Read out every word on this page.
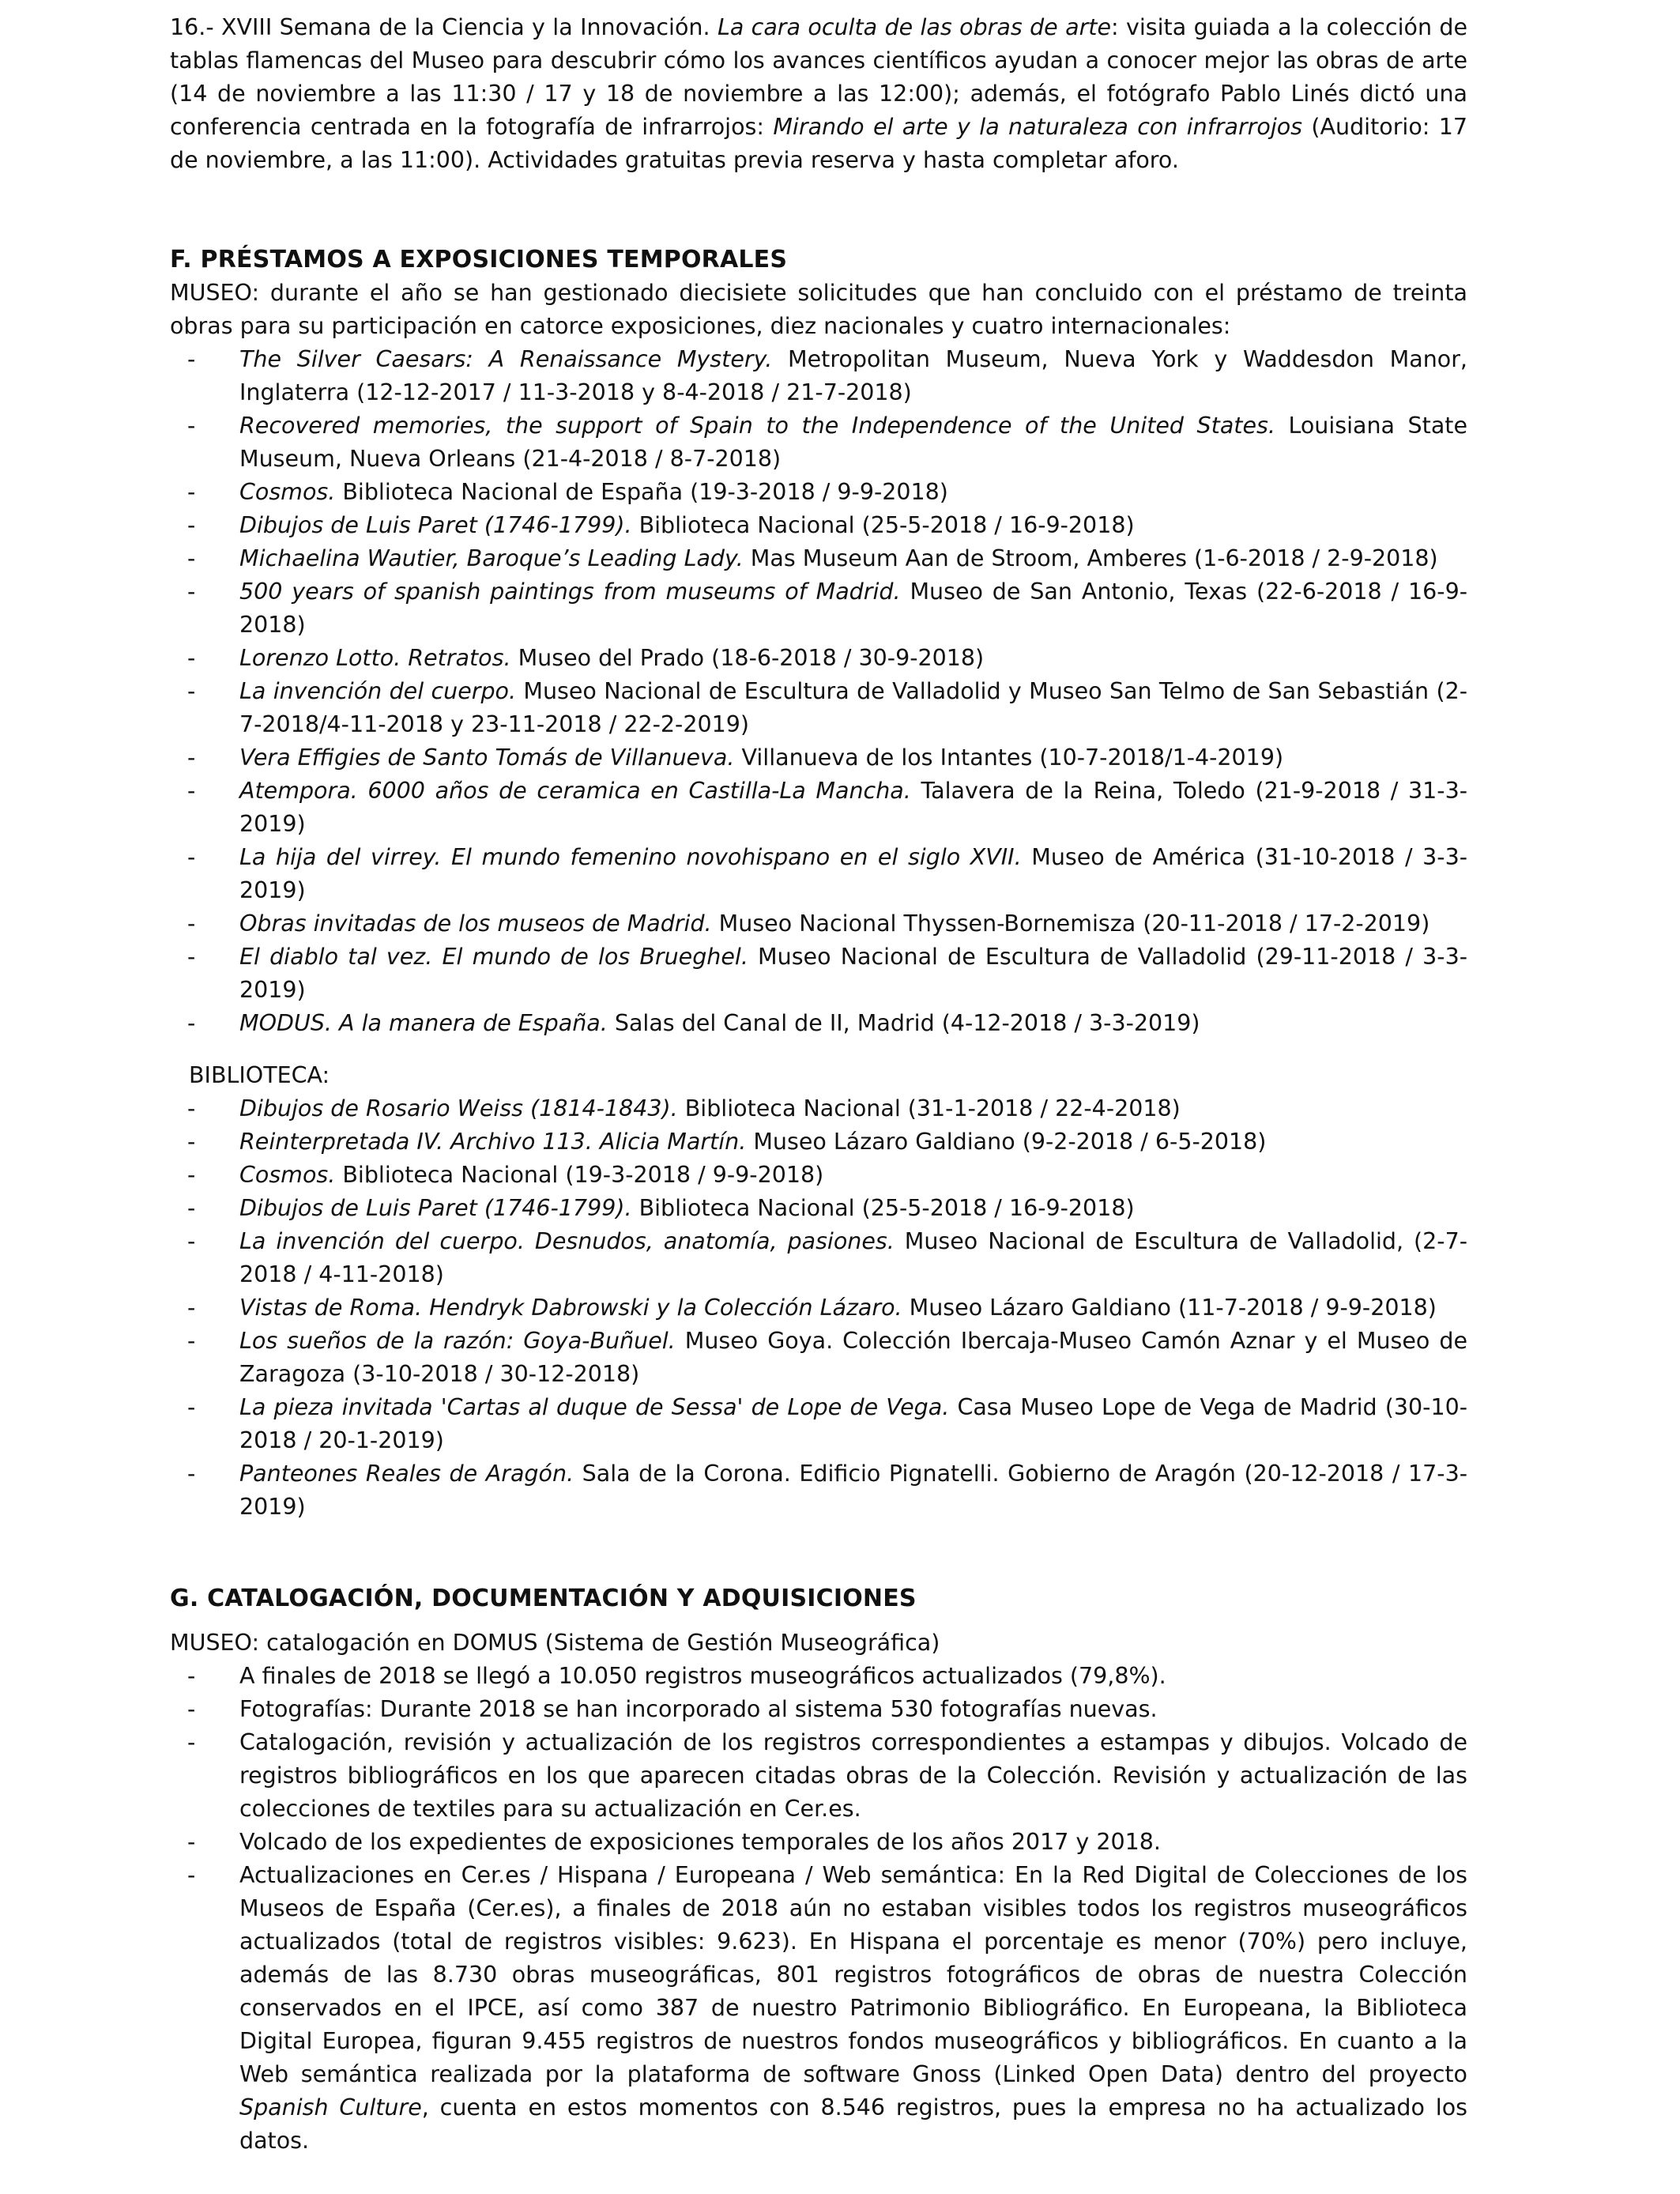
16.- XVIII Semana de la Ciencia y la Innovación. La cara oculta de las obras de arte: visita guiada a la colección de tablas flamencas del Museo para descubrir cómo los avances científicos ayudan a conocer mejor las obras de arte (14 de noviembre a las 11:30 / 17 y 18 de noviembre a las 12:00); además, el fotógrafo Pablo Linés dictó una conferencia centrada en la fotografía de infrarrojos: Mirando el arte y la naturaleza con infrarrojos (Auditorio: 17 de noviembre, a las 11:00). Actividades gratuitas previa reserva y hasta completar aforo.

F. PRÉSTAMOS A EXPOSICIONES TEMPORALES

MUSEO: durante el año se han gestionado diecisiete solicitudes que han concluido con el préstamo de treinta obras para su participación en catorce exposiciones, diez nacionales y cuatro internacionales:

- The Silver Caesars: A Renaissance Mystery. Metropolitan Museum, Nueva York y Waddesdon Manor, Inglaterra (12-12-2017 / 11-3-2018 y 8-4-2018 / 21-7-2018)
- Recovered memories, the support of Spain to the Independence of the United States. Louisiana State Museum, Nueva Orleans (21-4-2018 / 8-7-2018)
- Cosmos. Biblioteca Nacional de España (19-3-2018 / 9-9-2018)
- Dibujos de Luis Paret (1746-1799). Biblioteca Nacional (25-5-2018 / 16-9-2018)
- Michaelina Wautier, Baroque’s Leading Lady. Mas Museum Aan de Stroom, Amberes (1-6-2018 / 2-9-2018)
- 500 years of spanish paintings from museums of Madrid. Museo de San Antonio, Texas (22-6-2018 / 16-9-2018)
- Lorenzo Lotto. Retratos. Museo del Prado (18-6-2018 / 30-9-2018)
- La invención del cuerpo. Museo Nacional de Escultura de Valladolid y Museo San Telmo de San Sebastián (2-7-2018/4-11-2018 y 23-11-2018 / 22-2-2019)
- Vera Effigies de Santo Tomás de Villanueva. Villanueva de los Intantes (10-7-2018/1-4-2019)
- Atempora. 6000 años de ceramica en Castilla-La Mancha. Talavera de la Reina, Toledo (21-9-2018 / 31-3-2019)
- La hija del virrey. El mundo femenino novohispano en el siglo XVII. Museo de América (31-10-2018 / 3-3-2019)
- Obras invitadas de los museos de Madrid. Museo Nacional Thyssen-Bornemisza (20-11-2018 / 17-2-2019)
- El diablo tal vez. El mundo de los Brueghel. Museo Nacional de Escultura de Valladolid (29-11-2018 / 3-3-2019)
- MODUS. A la manera de España. Salas del Canal de II, Madrid (4-12-2018 / 3-3-2019)

BIBLIOTECA:

- Dibujos de Rosario Weiss (1814-1843). Biblioteca Nacional (31-1-2018 / 22-4-2018)
- Reinterpretada IV. Archivo 113. Alicia Martín. Museo Lázaro Galdiano (9-2-2018 / 6-5-2018)
- Cosmos. Biblioteca Nacional (19-3-2018 / 9-9-2018)
- Dibujos de Luis Paret (1746-1799). Biblioteca Nacional (25-5-2018 / 16-9-2018)
- La invención del cuerpo. Desnudos, anatomía, pasiones. Museo Nacional de Escultura de Valladolid, (2-7-2018 / 4-11-2018)
- Vistas de Roma. Hendryk Dabrowski y la Colección Lázaro. Museo Lázaro Galdiano (11-7-2018 / 9-9-2018)
- Los sueños de la razón: Goya-Buñuel. Museo Goya. Colección Ibercaja-Museo Camón Aznar y el Museo de Zaragoza (3-10-2018 / 30-12-2018)
- La pieza invitada 'Cartas al duque de Sessa' de Lope de Vega. Casa Museo Lope de Vega de Madrid (30-10-2018 / 20-1-2019)
- Panteones Reales de Aragón. Sala de la Corona. Edificio Pignatelli. Gobierno de Aragón (20-12-2018 / 17-3-2019)
G. CATALOGACIÓN, DOCUMENTACIÓN Y ADQUISICIONES

MUSEO: catalogación en DOMUS (Sistema de Gestión Museográfica)

- A finales de 2018 se llegó a 10.050 registros museográficos actualizados (79,8%).
- Fotografías: Durante 2018 se han incorporado al sistema 530 fotografías nuevas.
- Catalogación, revisión y actualización de los registros correspondientes a estampas y dibujos. Volcado de registros bibliográficos en los que aparecen citadas obras de la Colección. Revisión y actualización de las colecciones de textiles para su actualización en Cer.es.
- Volcado de los expedientes de exposiciones temporales de los años 2017 y 2018.
- Actualizaciones en Cer.es / Hispana / Europeana / Web semántica: En la Red Digital de Colecciones de los Museos de España (Cer.es), a finales de 2018 aún no estaban visibles todos los registros museográficos actualizados (total de registros visibles: 9.623). En Hispana el porcentaje es menor (70%) pero incluye, además de las 8.730 obras museográficas, 801 registros fotográficos de obras de nuestra Colección conservados en el IPCE, así como 387 de nuestro Patrimonio Bibliográfico. En Europeana, la Biblioteca Digital Europea, figuran 9.455 registros de nuestros fondos museográficos y bibliográficos. En cuanto a la Web semántica realizada por la plataforma de software Gnoss (Linked Open Data) dentro del proyecto Spanish Culture, cuenta en estos momentos con 8.546 registros, pues la empresa no ha actualizado los datos.
